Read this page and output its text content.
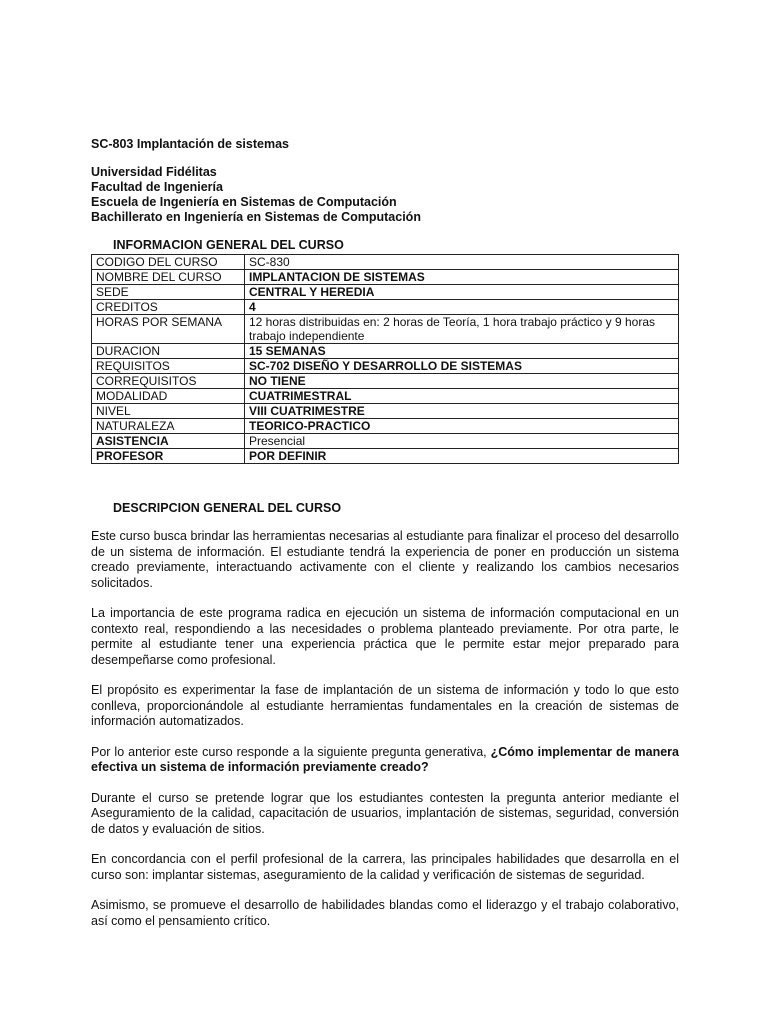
SC-803 Implantación de sistemas
Universidad Fidélitas
Facultad de Ingeniería
Escuela de Ingeniería en Sistemas de Computación
Bachillerato en Ingeniería en Sistemas de Computación
INFORMACION GENERAL DEL CURSO
CODIGO DEL CURSO	SC-830
NOMBRE DEL CURSO	IMPLANTACION DE SISTEMAS
SEDE	CENTRAL Y HEREDIA
CREDITOS	4
HORAS POR SEMANA	12 horas distribuidas en: 2 horas de Teoría, 1 hora trabajo práctico y 9 horas trabajo independiente
DURACION	15 SEMANAS
REQUISITOS	SC-702 DISEÑO Y DESARROLLO DE SISTEMAS
CORREQUISITOS	NO TIENE
MODALIDAD	CUATRIMESTRAL
NIVEL	VIII CUATRIMESTRE
NATURALEZA	TEORICO-PRACTICO
ASISTENCIA	Presencial
PROFESOR	POR DEFINIR
DESCRIPCION GENERAL DEL CURSO

Este curso busca brindar las herramientas necesarias al estudiante para finalizar el proceso del desarrollo de un sistema de información. El estudiante tendrá la experiencia de poner en producción un sistema creado previamente, interactuando activamente con el cliente y realizando los cambios necesarios solicitados.

La importancia de este programa radica en ejecución un sistema de información computacional en un contexto real, respondiendo a las necesidades o problema planteado previamente. Por otra parte, le permite al estudiante tener una experiencia práctica que le permite estar mejor preparado para desempeñarse como profesional.

El propósito es experimentar la fase de implantación de un sistema de información y todo lo que esto conlleva, proporcionándole al estudiante herramientas fundamentales en la creación de sistemas de información automatizados.

Por lo anterior este curso responde a la siguiente pregunta generativa, ¿Cómo implementar de manera efectiva un sistema de información previamente creado?

Durante el curso se pretende lograr que los estudiantes contesten la pregunta anterior mediante el Aseguramiento de la calidad, capacitación de usuarios, implantación de sistemas, seguridad, conversión de datos y evaluación de sitios.

En concordancia con el perfil profesional de la carrera, las principales habilidades que desarrolla en el curso son: implantar sistemas, aseguramiento de la calidad y verificación de sistemas de seguridad.

Asimismo, se promueve el desarrollo de habilidades blandas como el liderazgo y el trabajo colaborativo, así como el pensamiento crítico.
